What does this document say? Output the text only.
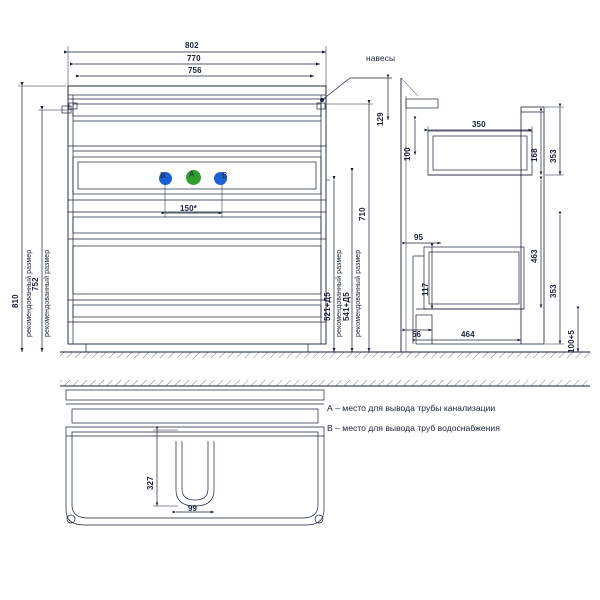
В	А	В
802
770
756
150*
810 рекомендованный размер
752 рекомендованный размер	521+Д5 рекомендованный размер 541+Д5 рекомендованный размер
710
навесы
129
100
350
168 353
463
117
95
353
100+5
56	464
327
99
А – место для вывода трубы канализации
В – место для вывода труб водоснабжения
